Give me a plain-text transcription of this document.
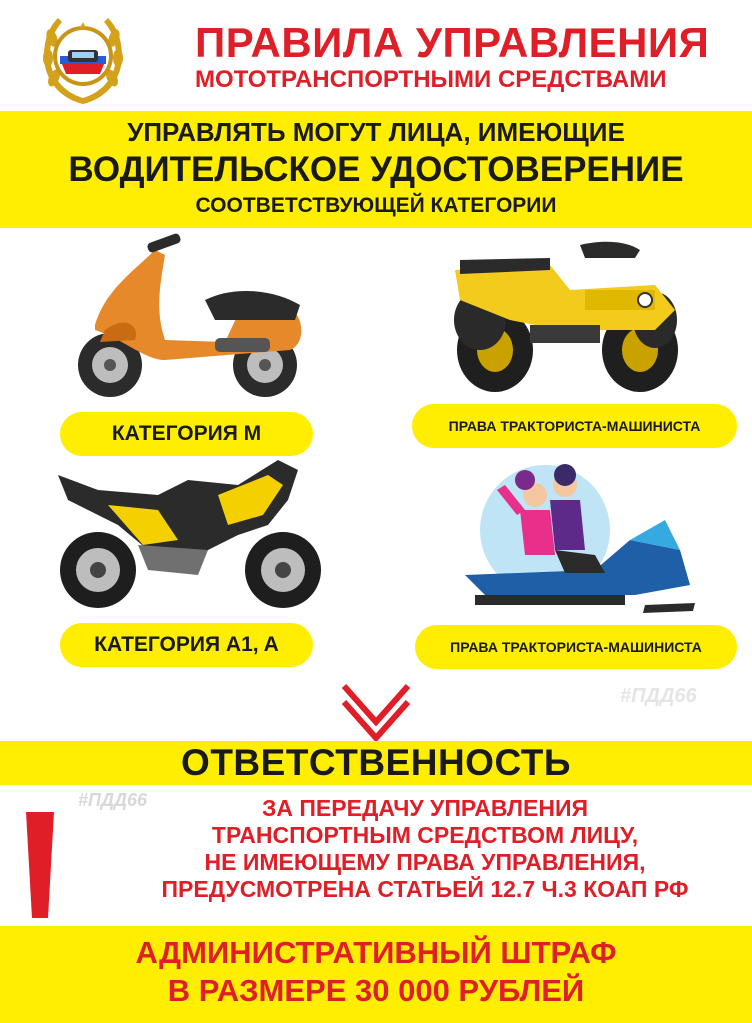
ПРАВИЛА УПРАВЛЕНИЯ
МОТОТРАНСПОРТНЫМИ СРЕДСТВАМИ
УПРАВЛЯТЬ МОГУТ ЛИЦА, ИМЕЮЩИЕ
ВОДИТЕЛЬСКОЕ УДОСТОВЕРЕНИЕ
СООТВЕТСТВУЮЩЕЙ КАТЕГОРИИ
КАТЕГОРИЯ M	ПРАВА ТРАКТОРИСТА-МАШИНИСТА
КАТЕГОРИЯ A1, A	ПРАВА ТРАКТОРИСТА-МАШИНИСТА
#ПДД66
ОТВЕТСТВЕННОСТЬ
#ПДД66	ЗА ПЕРЕДАЧУ УПРАВЛЕНИЯ
ТРАНСПОРТНЫМ СРЕДСТВОМ ЛИЦУ,
НЕ ИМЕЮЩЕМУ ПРАВА УПРАВЛЕНИЯ,
ПРЕДУСМОТРЕНА СТАТЬЕЙ 12.7 Ч.3 КОАП РФ
АДМИНИСТРАТИВНЫЙ ШТРАФ
В РАЗМЕРЕ 30 000 РУБЛЕЙ
